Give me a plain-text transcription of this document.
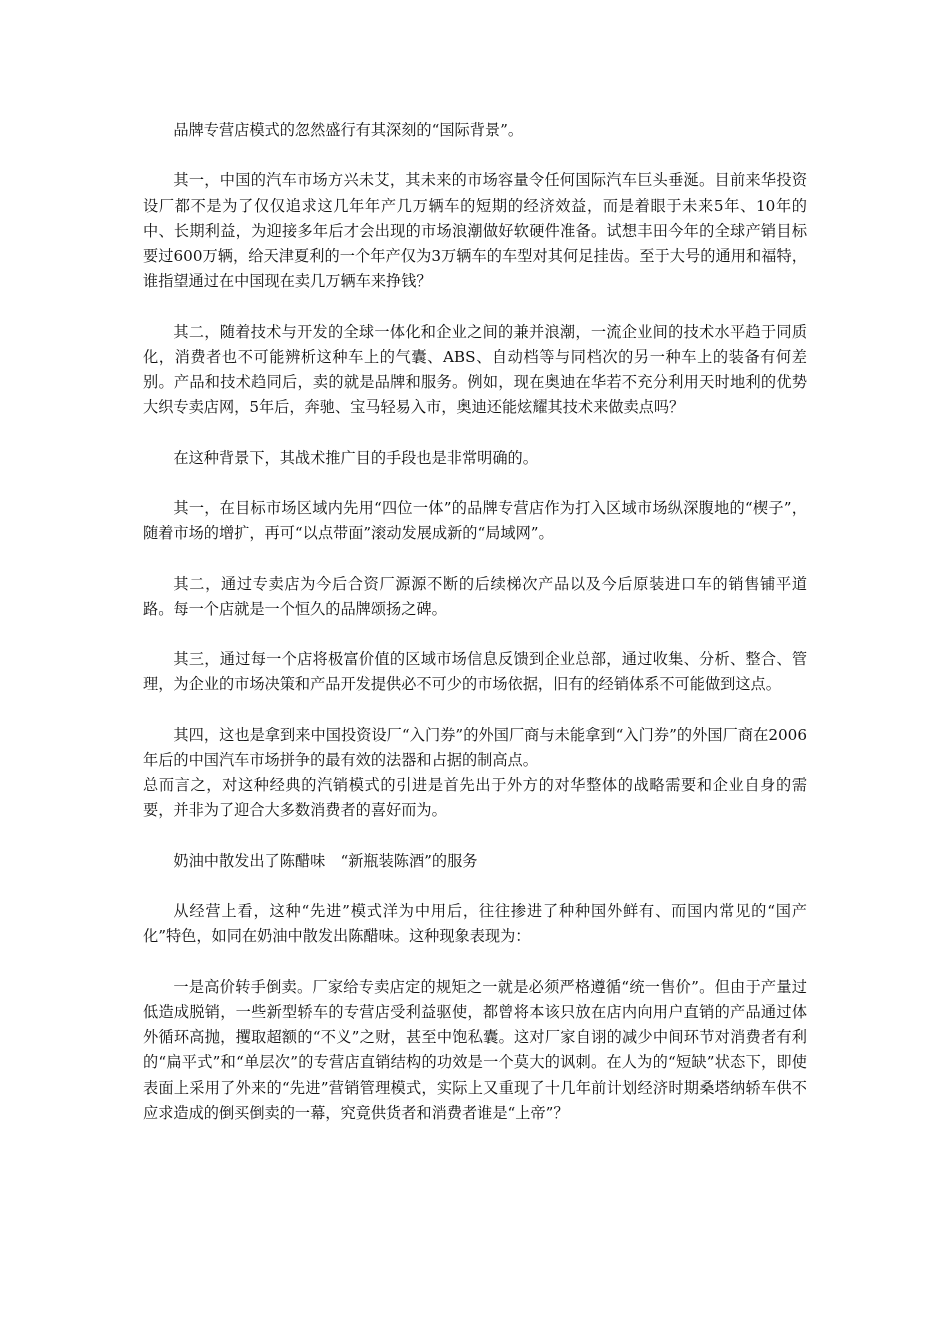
品牌专营店模式的忽然盛行有其深刻的“国际背景”。

其一，中国的汽车市场方兴未艾，其未来的市场容量令任何国际汽车巨头垂涎。目前来华投资设厂都不是为了仅仅追求这几年年产几万辆车的短期的经济效益，而是着眼于未来5年、10年的中、长期利益，为迎接多年后才会出现的市场浪潮做好软硬件准备。试想丰田今年的全球产销目标要过600万辆，给天津夏利的一个年产仅为3万辆车的车型对其何足挂齿。至于大号的通用和福特，谁指望通过在中国现在卖几万辆车来挣钱？

其二，随着技术与开发的全球一体化和企业之间的兼并浪潮，一流企业间的技术水平趋于同质化，消费者也不可能辨析这种车上的气囊、ABS、自动档等与同档次的另一种车上的装备有何差别。产品和技术趋同后，卖的就是品牌和服务。例如，现在奥迪在华若不充分利用天时地利的优势大织专卖店网，5年后，奔驰、宝马轻易入市，奥迪还能炫耀其技术来做卖点吗？

在这种背景下，其战术推广目的手段也是非常明确的。

其一，在目标市场区域内先用“四位一体”的品牌专营店作为打入区域市场纵深腹地的“楔子”，随着市场的增扩，再可“以点带面”滚动发展成新的“局域网”。

其二，通过专卖店为今后合资厂源源不断的后续梯次产品以及今后原装进口车的销售铺平道路。每一个店就是一个恒久的品牌颂扬之碑。

其三，通过每一个店将极富价值的区域市场信息反馈到企业总部，通过收集、分析、整合、管理，为企业的市场决策和产品开发提供必不可少的市场依据，旧有的经销体系不可能做到这点。

其四，这也是拿到来中国投资设厂“入门券”的外国厂商与未能拿到“入门券”的外国厂商在2006年后的中国汽车市场拼争的最有效的法器和占据的制高点。

总而言之，对这种经典的汽销模式的引进是首先出于外方的对华整体的战略需要和企业自身的需要，并非为了迎合大多数消费者的喜好而为。

奶油中散发出了陈醋味　“新瓶装陈酒”的服务

从经营上看，这种“先进”模式洋为中用后，往往掺进了种种国外鲜有、而国内常见的“国产化”特色，如同在奶油中散发出陈醋味。这种现象表现为：

一是高价转手倒卖。厂家给专卖店定的规矩之一就是必须严格遵循“统一售价”。但由于产量过低造成脱销，一些新型轿车的专营店受利益驱使，都曾将本该只放在店内向用户直销的产品通过体外循环高抛，攫取超额的“不义”之财，甚至中饱私囊。这对厂家自诩的减少中间环节对消费者有利的“扁平式”和“单层次”的专营店直销结构的功效是一个莫大的讽刺。在人为的“短缺”状态下，即使表面上采用了外来的“先进”营销管理模式，实际上又重现了十几年前计划经济时期桑塔纳轿车供不应求造成的倒买倒卖的一幕，究竟供货者和消费者谁是“上帝”？
